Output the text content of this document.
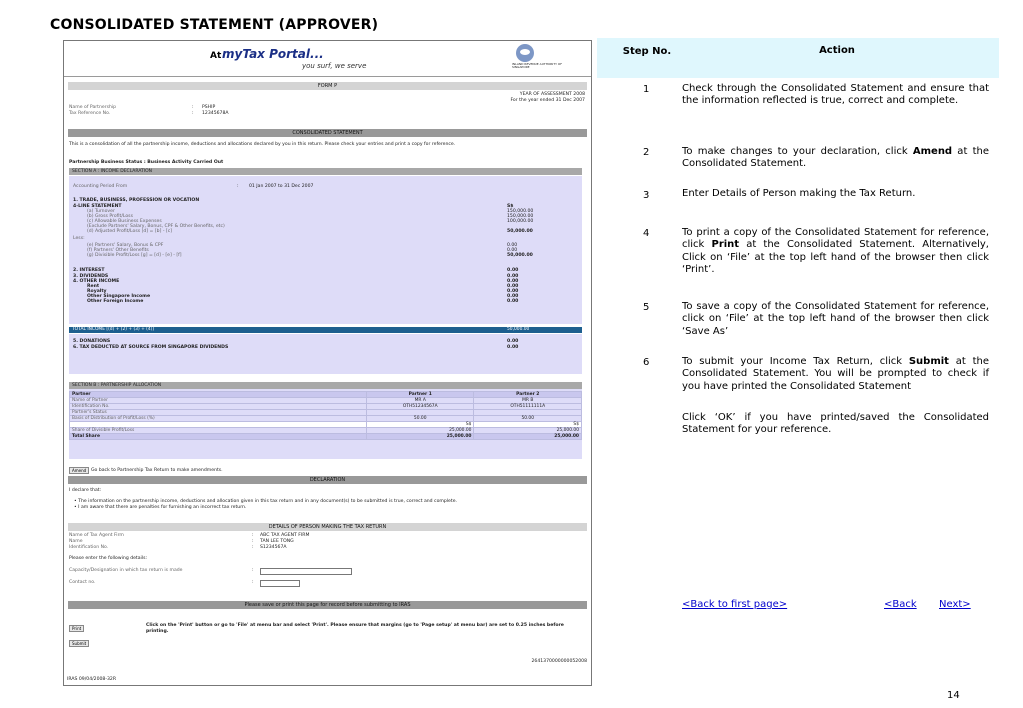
CONSOLIDATED STATEMENT (APPROVER)
At myTax Portal...
you surf, we serve	INLAND REVENUE AUTHORITY OF SINGAPORE
FORM P
YEAR OF ASSESSMENT 2008
For the year ended 31 Dec 2007
Name of Partnership	: PSHIP
Tax Reference No.	: 12345678A
CONSOLIDATED STATEMENT
This is a consolidation of all the partnership income, deductions and allocations declared by you in this return. Please check your entries and print a copy for reference.
Partnership Business Status : Business Activity Carried Out
SECTION A : INCOME DECLARATION
Accounting Period From	: 01 Jan 2007 to 31 Dec 2007
1. TRADE, BUSINESS, PROFESSION OR VOCATION
4-LINE STATEMENT	S$
(a) Turnover	150,000.00
(b) Gross Profit/Loss	150,000.00
(c) Allowable Business Expenses	100,000.00
(Exclude Partners' Salary, Bonus, CPF & Other Benefits, etc)
(d) Adjusted Profit/Loss [d] = [b] - [c]	50,000.00
Less:
(e) Partners' Salary, Bonus & CPF	0.00
(f) Partners' Other Benefits	0.00
(g) Divisible Profit/Loss [g] = [d] - [e] - [f]	50,000.00
2. INTEREST	0.00
3. DIVIDENDS	0.00
4. OTHER INCOME	0.00
Rent	0.00
Royalty	0.00
Other Singapore Income	0.00
Other Foreign Income	0.00
TOTAL INCOME [(d) + (2) + (3) + (4)]	50,000.00
5. DONATIONS	0.00
6. TAX DEDUCTED AT SOURCE FROM SINGAPORE DIVIDENDS	0.00
SECTION B : PARTNERSHIP ALLOCATION
Partner	Partner 1	Partner 2
Name of Partner	MR A	MR B
Identification No.	OTH51234567A	OTH51111111A
Partner's Status		
Basis of Distribution of Profit/Loss (%)	50.00	50.00
	S$	S$
Share of Divisible Profit/Loss	25,000.00	25,000.00
Total Share	25,000.00	25,000.00
Amend	Go back to Partnership Tax Return to make amendments.
DECLARATION
I declare that:
• The information on the partnership income, deductions and allocation given in this tax return and in any document(s) to be submitted is true, correct and complete.
• I am aware that there are penalties for furnishing an incorrect tax return.
DETAILS OF PERSON MAKING THE TAX RETURN
Name of Tax Agent Firm	: ABC TAX AGENT FIRM
Name	: TAN LEE TONG
Identification No.	: S1234567A
Please enter the following details:
Capacity/Designation in which tax return is made	:
Contact no.	:
Please save or print this page for record before submitting to IRAS
Print
Click on the 'Print' button or go to 'File' at menu bar and select 'Print'. Please ensure that margins (go to 'Page setup' at menu bar) are set to 0.25 inches before printing.
Submit
2641370000000052008
IRAS 09/04/2008-32R
Step No.	Action
1	Check through the Consolidated Statement and ensure that the information reflected is true, correct and complete.
2	To make changes to your declaration, click Amend at the Consolidated Statement.
3	Enter Details of Person making the Tax Return.
4	To print a copy of the Consolidated Statement for reference, click Print at the Consolidated Statement. Alternatively, Click on ‘File’ at the top left hand of the browser then click ‘Print’.
5	To save a copy of the Consolidated Statement for reference, click on ‘File’ at the top left hand of the browser then click ‘Save As’
6	To submit your Income Tax Return, click Submit at the Consolidated Statement. You will be prompted to check if you have printed the Consolidated Statement
Click ‘OK’ if you have printed/saved the Consolidated Statement for your reference.
<Back to first page>	<Back Next>
14
